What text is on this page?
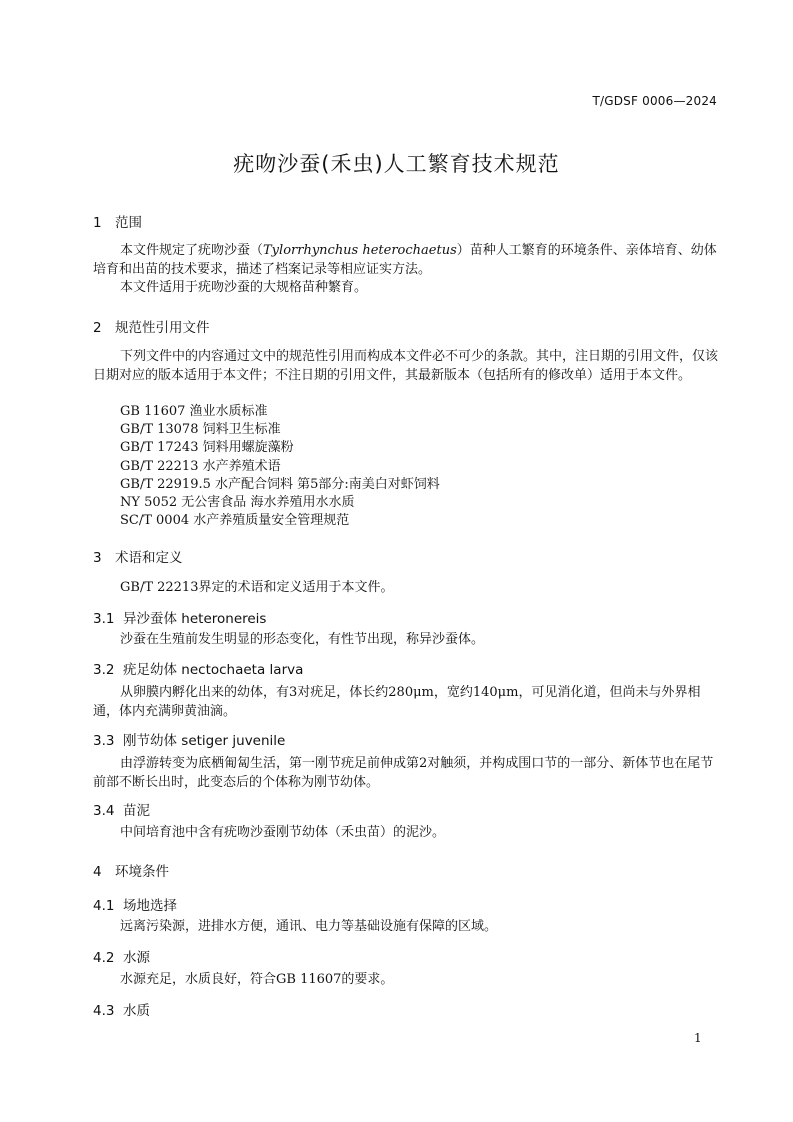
T/GDSF 0006—2024
疣吻沙蚕(禾虫)人工繁育技术规范
1 范围

本文件规定了疣吻沙蚕（Tylorrhynchus heterochaetus）苗种人工繁育的环境条件、亲体培育、幼体培育和出苗的技术要求，描述了档案记录等相应证实方法。

本文件适用于疣吻沙蚕的大规格苗种繁育。

2 规范性引用文件

下列文件中的内容通过文中的规范性引用而构成本文件必不可少的条款。其中，注日期的引用文件，仅该日期对应的版本适用于本文件；不注日期的引用文件，其最新版本（包括所有的修改单）适用于本文件。

GB 11607 渔业水质标准
GB/T 13078 饲料卫生标准
GB/T 17243 饲料用螺旋藻粉
GB/T 22213 水产养殖术语
GB/T 22919.5 水产配合饲料 第5部分:南美白对虾饲料
NY 5052 无公害食品 海水养殖用水水质
SC/T 0004 水产养殖质量安全管理规范
3 术语和定义

GB/T 22213界定的术语和定义适用于本文件。

3.1 异沙蚕体 heteronereis

沙蚕在生殖前发生明显的形态变化，有性节出现，称异沙蚕体。

3.2 疣足幼体 nectochaeta larva

从卵膜内孵化出来的幼体，有3对疣足，体长约280μm，宽约140μm，可见消化道，但尚未与外界相通，体内充满卵黄油滴。

3.3 刚节幼体 setiger juvenile

由浮游转变为底栖匍匐生活，第一刚节疣足前伸成第2对触须，并构成围口节的一部分、新体节也在尾节前部不断长出时，此变态后的个体称为刚节幼体。

3.4 苗泥

中间培育池中含有疣吻沙蚕刚节幼体（禾虫苗）的泥沙。

4 环境条件
4.1 场地选择

远离污染源，进排水方便，通讯、电力等基础设施有保障的区域。

4.2 水源

水源充足，水质良好，符合GB 11607的要求。

4.3 水质
1
